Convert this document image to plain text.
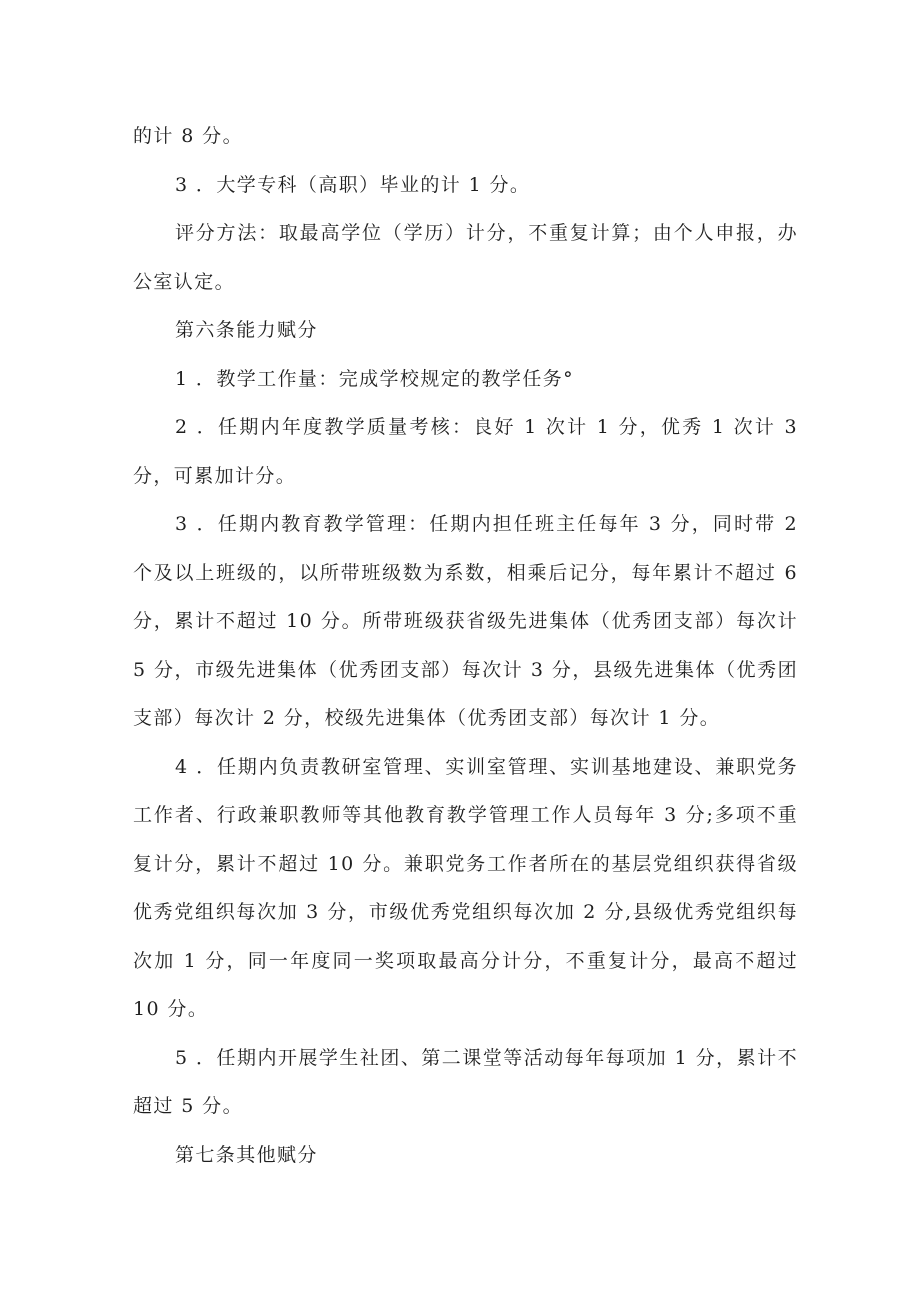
的计 8 分。

3 ．大学专科（高职）毕业的计 1 分。

评分方法：取最高学位（学历）计分，不重复计算；由个人申报，办公室认定。

第六条能力赋分

1 ．教学工作量：完成学校规定的教学任务°

2 ．任期内年度教学质量考核：良好 1 次计 1 分，优秀 1 次计 3 分，可累加计分。

3 ．任期内教育教学管理：任期内担任班主任每年 3 分，同时带 2 个及以上班级的，以所带班级数为系数，相乘后记分，每年累计不超过 6 分，累计不超过 10 分。所带班级获省级先进集体（优秀团支部）每次计 5 分，市级先进集体（优秀团支部）每次计 3 分，县级先进集体（优秀团支部）每次计 2 分，校级先进集体（优秀团支部）每次计 1 分。

4 ．任期内负责教研室管理、实训室管理、实训基地建设、兼职党务工作者、行政兼职教师等其他教育教学管理工作人员每年 3 分;多项不重复计分，累计不超过 10 分。兼职党务工作者所在的基层党组织获得省级优秀党组织每次加 3 分，市级优秀党组织每次加 2 分,县级优秀党组织每次加 1 分，同一年度同一奖项取最高分计分，不重复计分，最高不超过 10 分。

5 ．任期内开展学生社团、第二课堂等活动每年每项加 1 分，累计不超过 5 分。

第七条其他赋分
